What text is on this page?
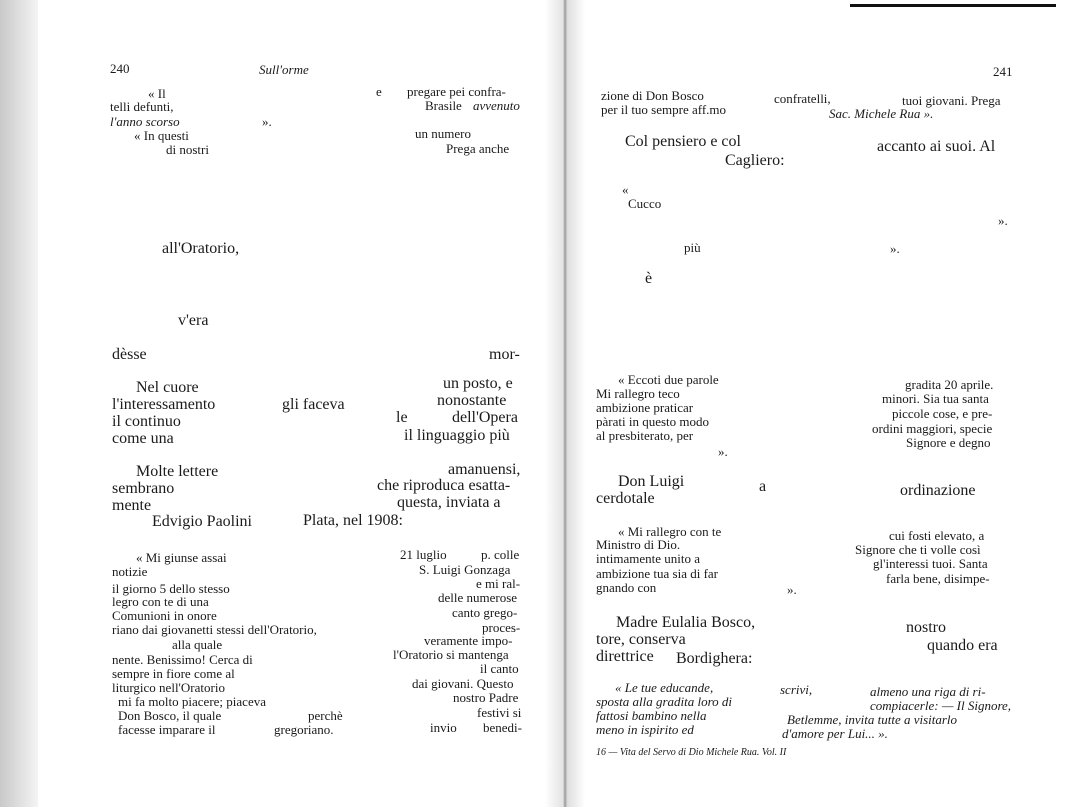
240	Sull'orme
« Il
telli defunti,
l'anno scorso	».
« In questi
di nostri
e pregare pei confra-
Brasile avvenuto
un numero
Prega anche
all'Oratorio,
v'era
dèsse	mor-
Nel cuore	un posto, e
l'interessamento	gli faceva	nonostante
il continuo	le	dell'Opera
come una	il linguaggio più
Molte lettere	amanuensi,
sembrano	che riproduca esatta-
mente	questa, inviata a
Edvigio Paolini	Plata, nel 1908:
« Mi giunse assai
notizie
21 luglio	p. colle
S. Luigi Gonzaga
il giorno 5 dello stesso	e mi ral-
legro con te di una	delle numerose
Comunioni in onore	canto grego-
riano dai giovanetti stessi dell'Oratorio,	proces-
alla quale	veramente impo-
nente. Benissimo! Cerca di	l'Oratorio si mantenga
sempre in fiore come al	il canto
liturgico nell'Oratorio	dai giovani. Questo
mi fa molto piacere; piaceva	nostro Padre
Don Bosco, il quale	perchè	festivi si
facesse imparare il	gregoriano.	invio benedi-
241
16 — Vita del Servo di Dio Michele Rua. Vol. II
zione di Don Bosco	confratelli,	tuoi giovani. Prega
per il tuo sempre aff.mo	Sac. Michele Rua ».
Col pensiero e col	accanto ai suoi. Al
Cagliero:
«
Cucco
».
più	».
è
« Eccoti due parole
Mi rallegro teco
ambizione praticar
pàrati in questo modo
al presbiterato, per
».
gradita 20 aprile.
minori. Sia tua santa
piccole cose, e pre-
ordini maggiori, specie
Signore e degno
Don Luigi	a	ordinazione
cerdotale
« Mi rallegro con te
Ministro di Dio.
intimamente unito a
ambizione tua sia di far
gnando con	».
cui fosti elevato, a
Signore che ti volle così
gl'interessi tuoi. Santa
farla bene, disimpe-
Madre Eulalia Bosco,	nostro
tore, conserva	quando era
direttrice Bordighera:
« Le tue educande,	scrivi,	almeno una riga di ri-
sposta alla gradita loro di	compiacerle: — Il Signore,
fattosi bambino nella	Betlemme, invita tutte a visitarlo
meno in ispirito ed	d'amore per Lui... ».
